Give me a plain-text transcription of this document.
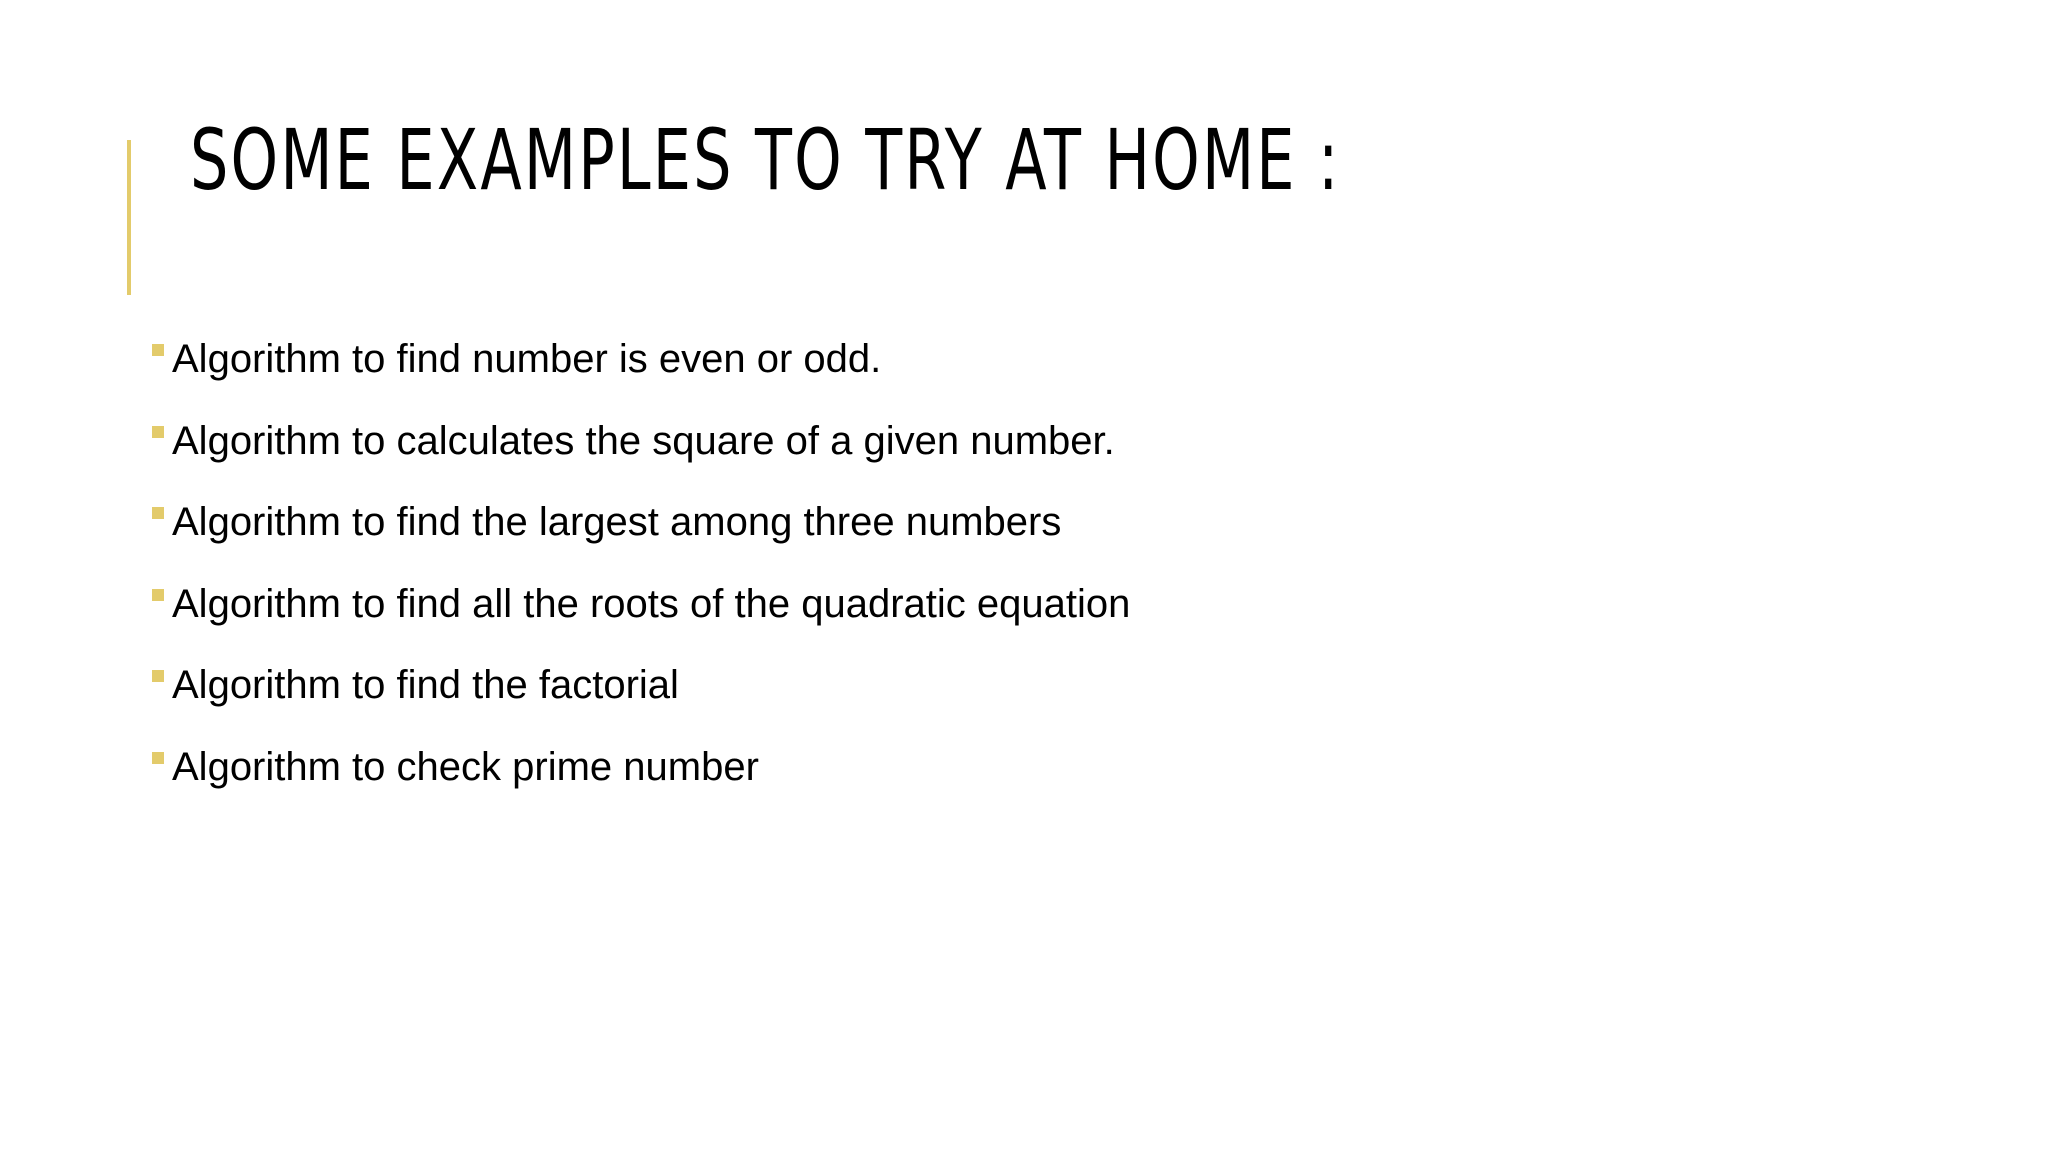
SOME EXAMPLES TO TRY AT HOME :
Algorithm to find number is even or odd.
Algorithm to calculates the square of a given number.
Algorithm to find the largest among three numbers
Algorithm to find all the roots of the quadratic equation
Algorithm to find the factorial
Algorithm to check prime number
